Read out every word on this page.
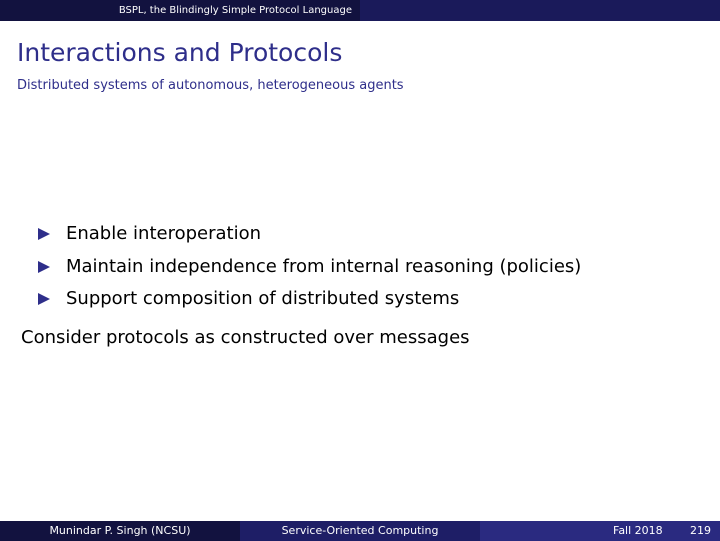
BSPL, the Blindingly Simple Protocol Language
Interactions and Protocols
Distributed systems of autonomous, heterogeneous agents
Enable interoperation
Maintain independence from internal reasoning (policies)
Support composition of distributed systems
Consider protocols as constructed over messages
Munindar P. Singh (NCSU)	Service-Oriented Computing	Fall 2018 219
